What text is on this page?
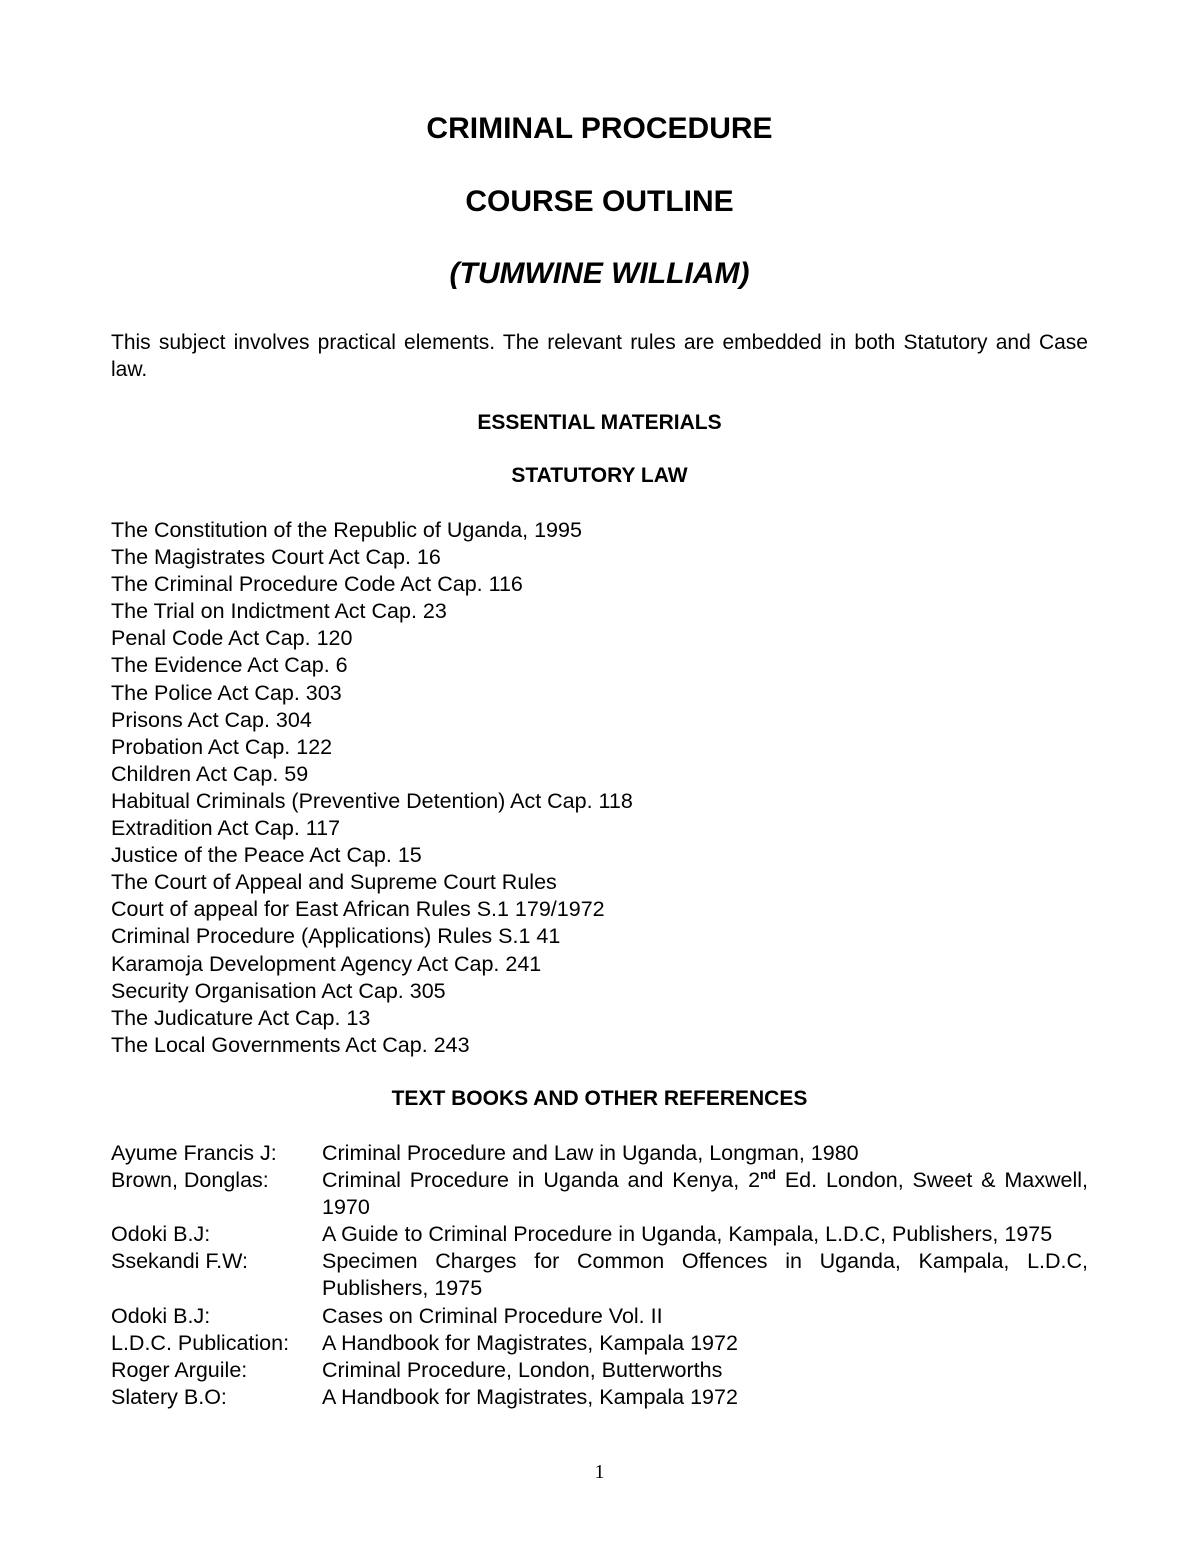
CRIMINAL PROCEDURE
COURSE OUTLINE
(TUMWINE WILLIAM)
This subject involves practical elements. The relevant rules are embedded in both Statutory and Case law.
ESSENTIAL MATERIALS
STATUTORY LAW
The Constitution of the Republic of Uganda, 1995
The Magistrates Court Act Cap. 16
The Criminal Procedure Code Act Cap. 116
The Trial on Indictment Act Cap. 23
Penal Code Act Cap. 120
The Evidence Act Cap. 6
The Police Act Cap. 303
Prisons Act Cap. 304
Probation Act Cap. 122
Children Act Cap. 59
Habitual Criminals (Preventive Detention) Act Cap. 118
Extradition Act Cap. 117
Justice of the Peace Act Cap. 15
The Court of Appeal and Supreme Court Rules
Court of appeal for East African Rules S.1 179/1972
Criminal Procedure (Applications) Rules S.1 41
Karamoja Development Agency Act Cap. 241
Security Organisation Act Cap. 305
The Judicature Act Cap. 13
The Local Governments Act Cap. 243
TEXT BOOKS AND OTHER REFERENCES
Ayume Francis J:	Criminal Procedure and Law in Uganda, Longman, 1980
Brown, Donglas:	Criminal Procedure in Uganda and Kenya, 2nd Ed. London, Sweet & Maxwell, 1970
Odoki B.J:	A Guide to Criminal Procedure in Uganda, Kampala, L.D.C, Publishers, 1975
Ssekandi F.W:	Specimen Charges for Common Offences in Uganda, Kampala, L.D.C, Publishers, 1975
Odoki B.J:	Cases on Criminal Procedure Vol. II
L.D.C. Publication:	A Handbook for Magistrates, Kampala 1972
Roger Arguile:	Criminal Procedure, London, Butterworths
Slatery B.O:	A Handbook for Magistrates, Kampala 1972
1
